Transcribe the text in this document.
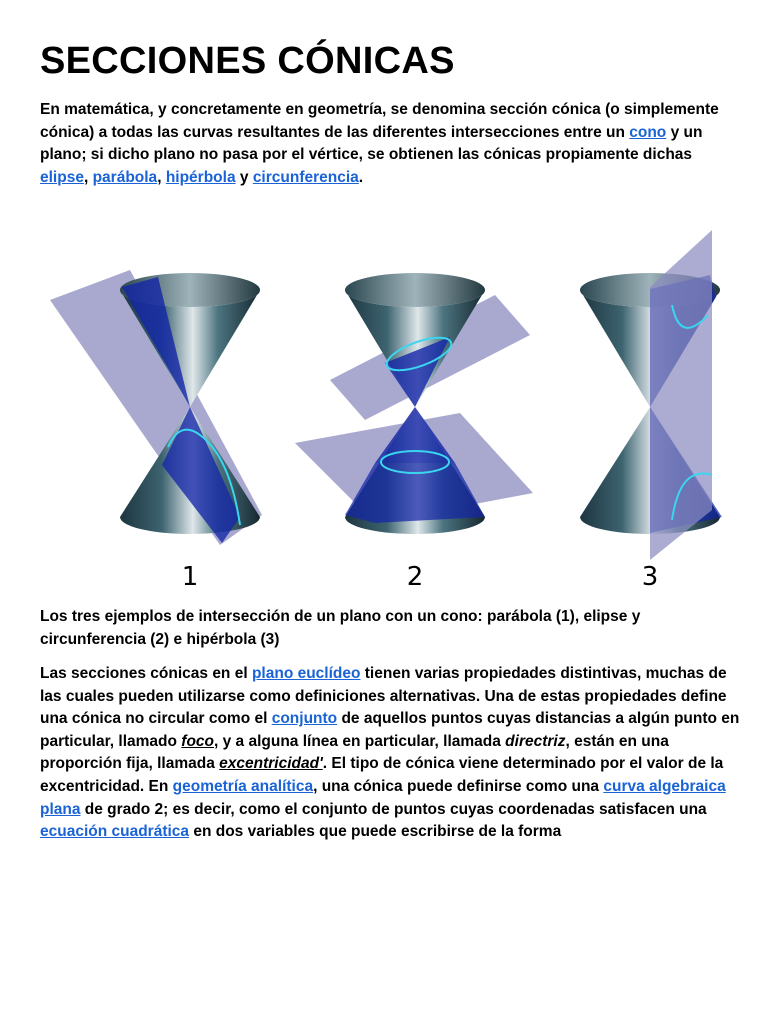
SECCIONES CÓNICAS

En matemática, y concretamente en geometría, se denomina sección cónica (o simplemente cónica) a todas las curvas resultantes de las diferentes intersecciones entre un cono y un plano; si dicho plano no pasa por el vértice, se obtienen las cónicas propiamente dichas elipse, parábola, hipérbola y circunferencia.

1	2	3

Los tres ejemplos de intersección de un plano con un cono: parábola (1), elipse y circunferencia (2) e hipérbola (3)

Las secciones cónicas en el plano euclídeo tienen varias propiedades distintivas, muchas de las cuales pueden utilizarse como definiciones alternativas. Una de estas propiedades define una cónica no circular como el conjunto de aquellos puntos cuyas distancias a algún punto en particular, llamado foco, y a alguna línea en particular, llamada directriz, están en una proporción fija, llamada excentricidad'. El tipo de cónica viene determinado por el valor de la excentricidad. En geometría analítica, una cónica puede definirse como una curva algebraica plana de grado 2; es decir, como el conjunto de puntos cuyas coordenadas satisfacen una ecuación cuadrática en dos variables que puede escribirse de la forma
